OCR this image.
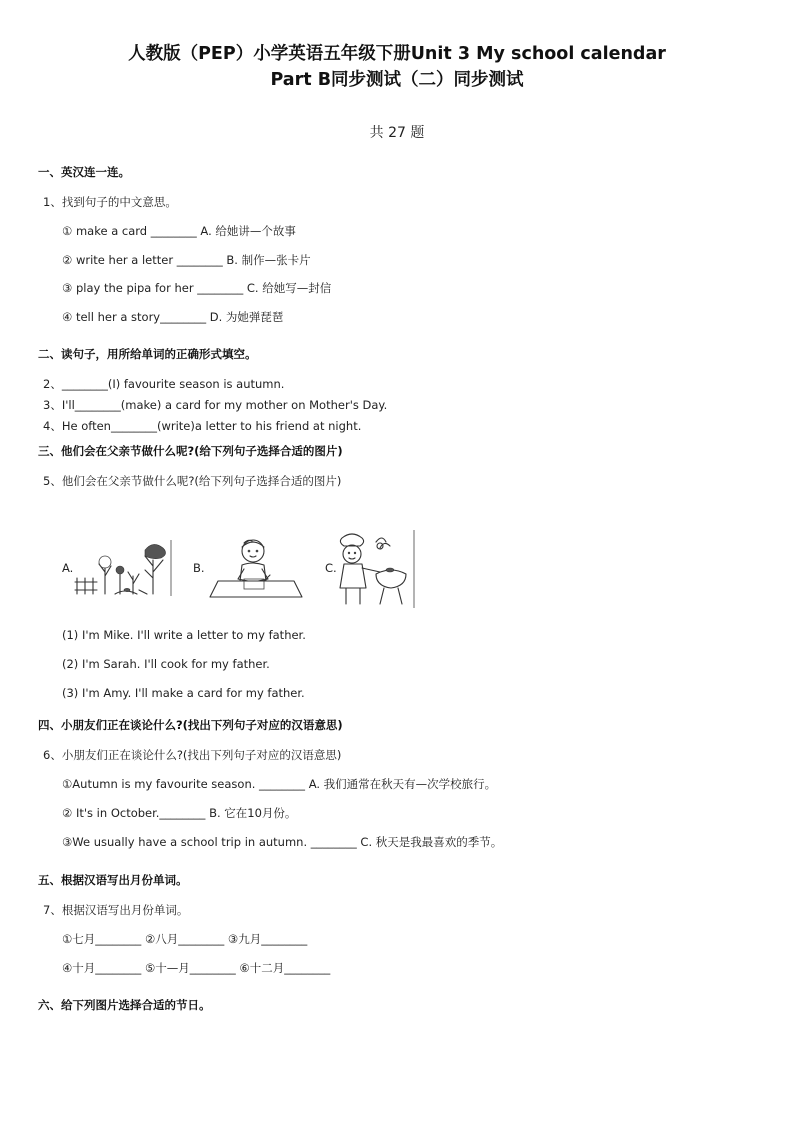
人教版（PEP）小学英语五年级下册Unit 3 My school calendar
Part B同步测试（二）同步测试
共 27 题
一、英汉连一连。
1、找到句子的中文意思。
① make a card ________ A. 给她讲—个故事
② write her a letter ________ B. 制作—张卡片
③ play the pipa for her ________ C. 给她写—封信
④ tell her a story________ D. 为她弹琵琶
二、读句子，用所给单词的正确形式填空。
2、________(I) favourite season is autumn.
3、I'll________(make) a card for my mother on Mother's Day.
4、He often________(write)a letter to his friend at night.
三、他们会在父亲节做什么呢?(给下列句子选择合适的图片)
5、他们会在父亲节做什么呢?(给下列句子选择合适的图片)
A.	B.	C.
(1) I'm Mike. I'll write a letter to my father.
(2) I'm Sarah. I'll cook for my father.
(3) I'm Amy. I'll make a card for my father.
四、小朋友们正在谈论什么?(找出下列句子对应的汉语意思)
6、小朋友们正在谈论什么?(找出下列句子对应的汉语意思)
①Autumn is my favourite season. ________ A. 我们通常在秋天有—次学校旅行。
② It's in October.________ B. 它在10月份。
③We usually have a school trip in autumn. ________ C. 秋天是我最喜欢的季节。
五、根据汉语写出月份单词。
7、根据汉语写出月份单词。
①七月________ ②八月________ ③九月________
④十月________ ⑤十—月________ ⑥十二月________
六、给下列图片选择合适的节日。
